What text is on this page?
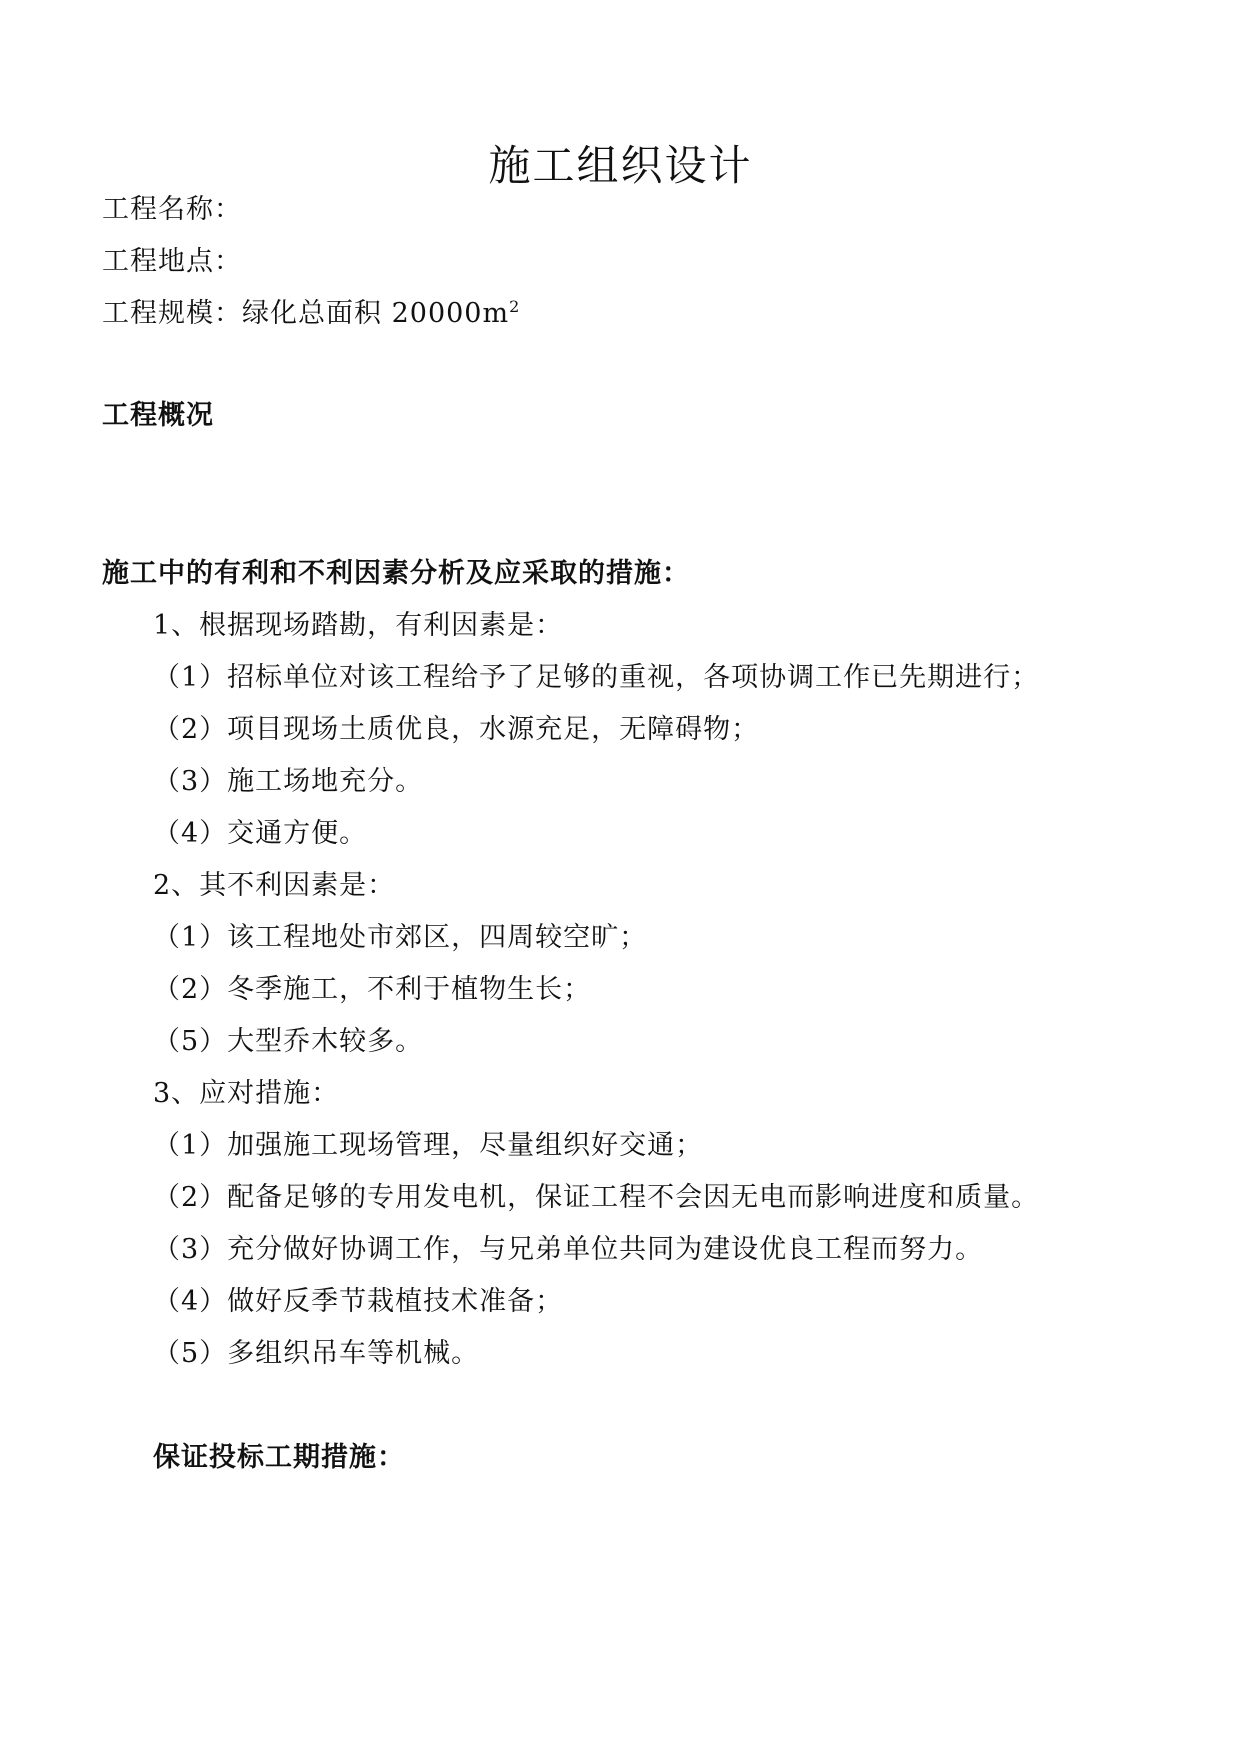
施工组织设计
工程名称：
工程地点：
工程规模：绿化总面积 $20000m^2$
工程概况
施工中的有利和不利因素分析及应采取的措施：
1、根据现场踏勘，有利因素是：
（1）招标单位对该工程给予了足够的重视，各项协调工作已先期进行；
（2）项目现场土质优良，水源充足，无障碍物；
（3）施工场地充分。
（4）交通方便。
2、其不利因素是：
（1）该工程地处市郊区，四周较空旷；
（2）冬季施工，不利于植物生长；
（5）大型乔木较多。
3、应对措施：
（1）加强施工现场管理，尽量组织好交通；
（2）配备足够的专用发电机，保证工程不会因无电而影响进度和质量。
（3）充分做好协调工作，与兄弟单位共同为建设优良工程而努力。
（4）做好反季节栽植技术准备；
（5）多组织吊车等机械。
保证投标工期措施：
